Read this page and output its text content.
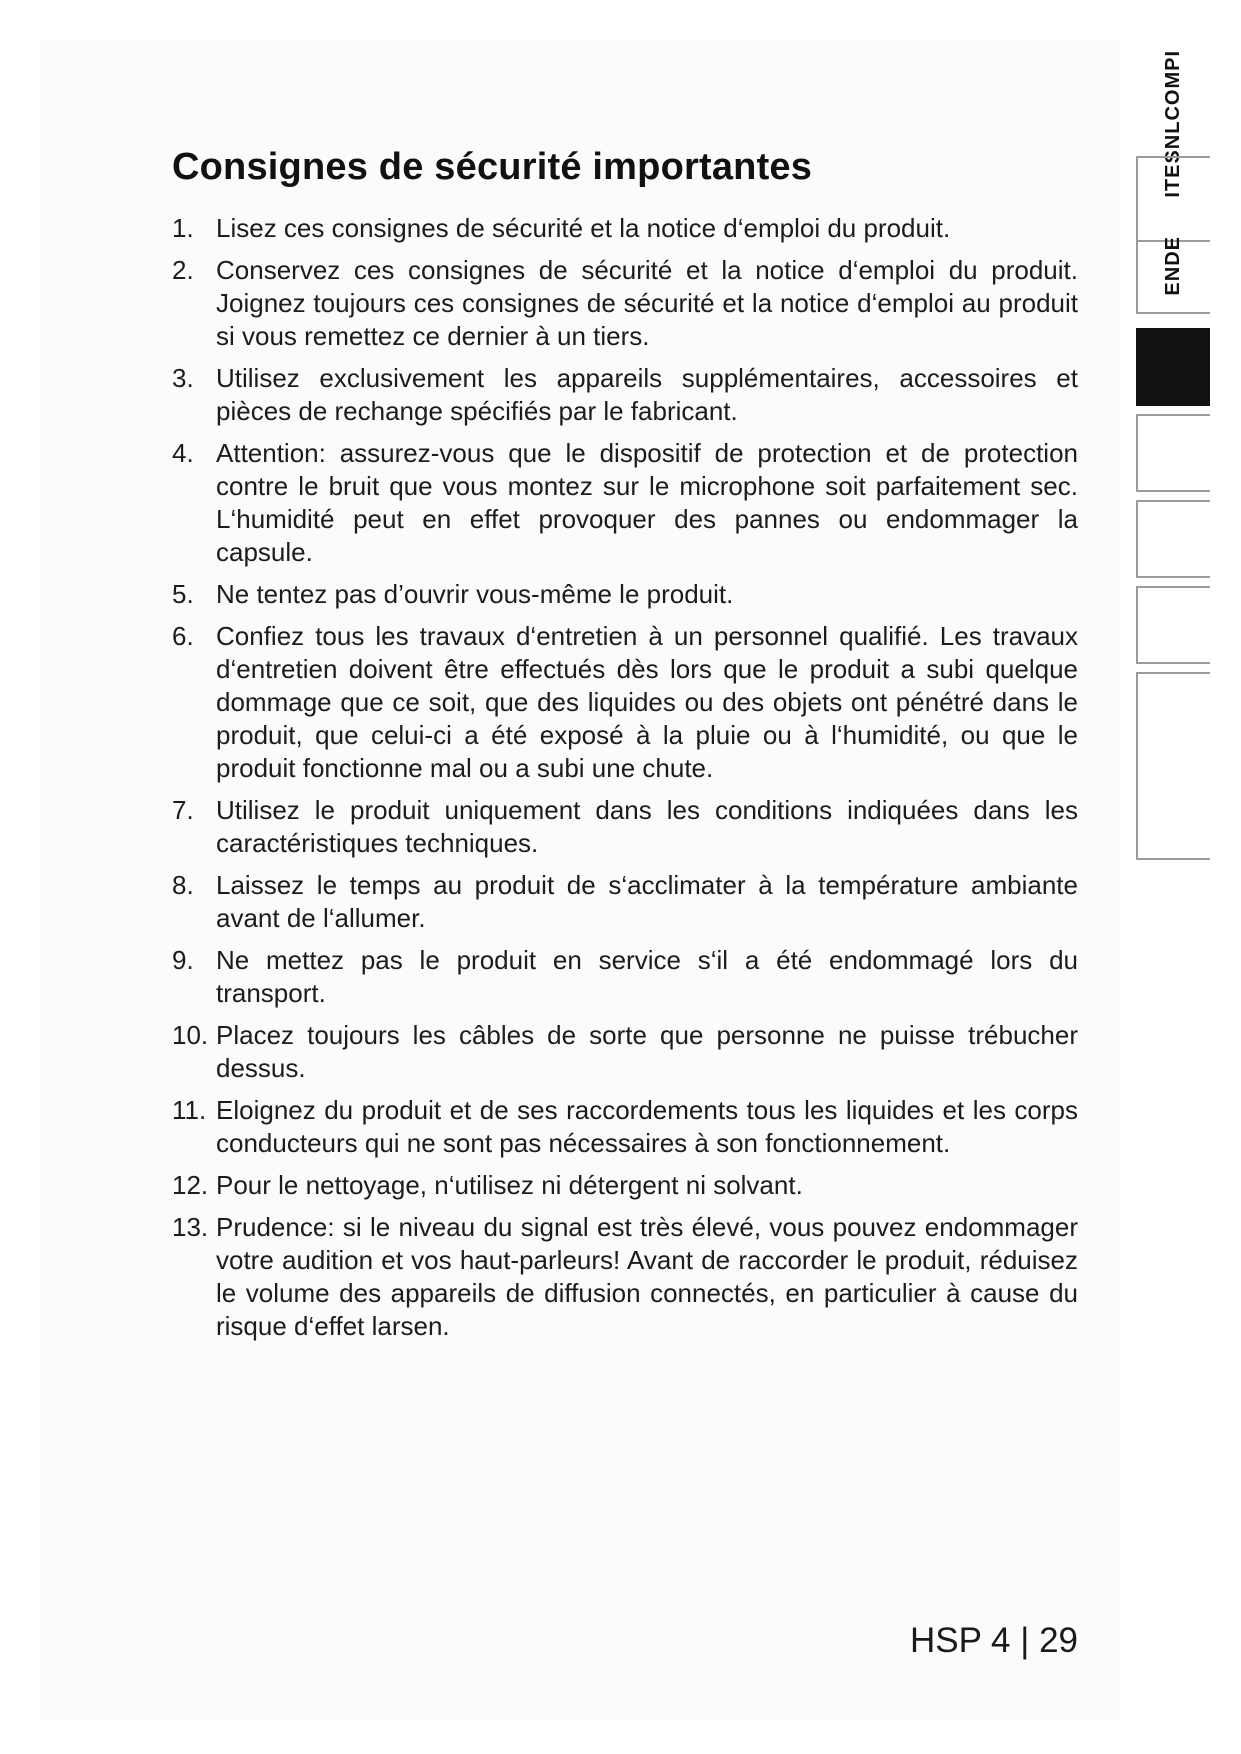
Consignes de sécurité importantes
1. Lisez ces consignes de sécurité et la notice d‘emploi du produit.
2. Conservez ces consignes de sécurité et la notice d‘emploi du produit. Joignez toujours ces consignes de sécurité et la notice d‘emploi au produit si vous remettez ce dernier à un tiers.
3. Utilisez exclusivement les appareils supplémentaires, accessoires et pièces de rechange spécifiés par le fabricant.
4. Attention: assurez-vous que le dispositif de protection et de protection contre le bruit que vous montez sur le microphone soit parfaitement sec. L‘humidité peut en effet provoquer des pannes ou endommager la capsule.
5. Ne tentez pas d’ouvrir vous-même le produit.
6. Confiez tous les travaux d‘entretien à un personnel qualifié. Les travaux d‘entretien doivent être effectués dès lors que le produit a subi quelque dommage que ce soit, que des liquides ou des objets ont pénétré dans le produit, que celui-ci a été exposé à la pluie ou à l‘humidité, ou que le produit fonctionne mal ou a subi une chute.
7. Utilisez le produit uniquement dans les conditions indiquées dans les caractéristiques techniques.
8. Laissez le temps au produit de s‘acclimater à la température ambiante avant de l‘allumer.
9. Ne mettez pas le produit en service s‘il a été endommagé lors du transport.
10. Placez toujours les câbles de sorte que personne ne puisse trébucher dessus.
11. Eloignez du produit et de ses raccordements tous les liquides et les corps conducteurs qui ne sont pas nécessaires à son fonctionnement.
12. Pour le nettoyage, n‘utilisez ni détergent ni solvant.
13. Prudence: si le niveau du signal est très élevé, vous pouvez endommager votre audition et vos haut-parleurs! Avant de raccorder le produit, réduisez le volume des appareils de diffusion connectés, en particulier à cause du risque d‘effet larsen.
ITESNLCOMPI
ENDE
HSP 4 | 29
